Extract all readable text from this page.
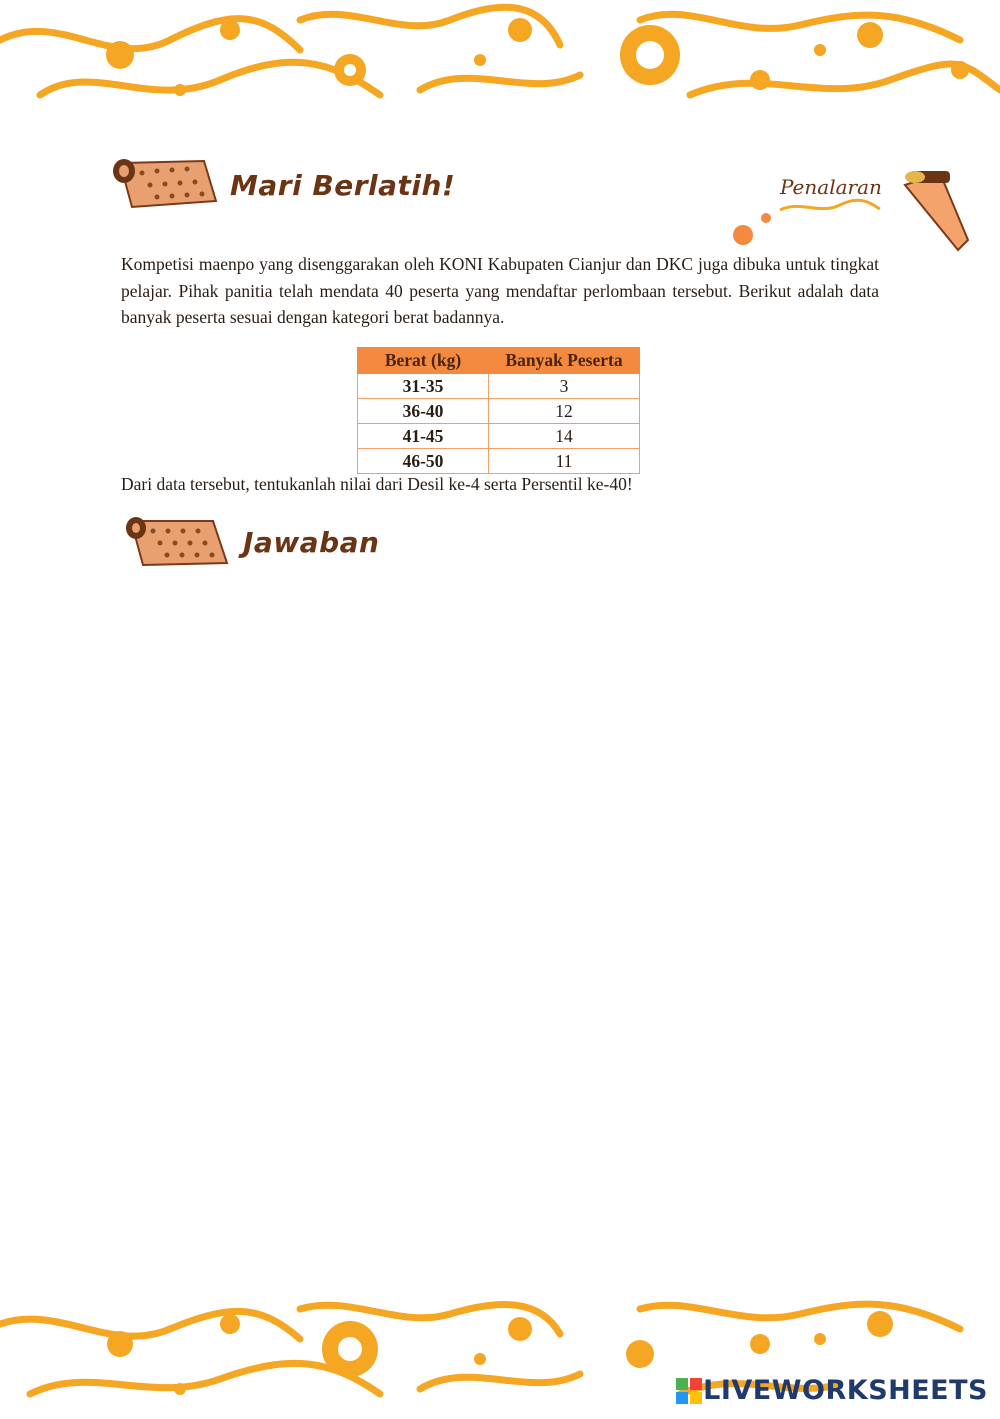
Mari Berlatih!	Penalaran

Kompetisi maenpo yang disenggarakan oleh KONI Kabupaten Cianjur dan DKC juga dibuka untuk tingkat pelajar. Pihak panitia telah mendata 40 peserta yang mendaftar perlombaan tersebut. Berikut adalah data banyak peserta sesuai dengan kategori berat badannya.

Berat (kg)	Banyak Peserta
31-35	3
36-40	12
41-45	14
46-50	11

Dari data tersebut, tentukanlah nilai dari Desil ke-4 serta Persentil ke-40!

Jawaban
LIVEWORKSHEETS
